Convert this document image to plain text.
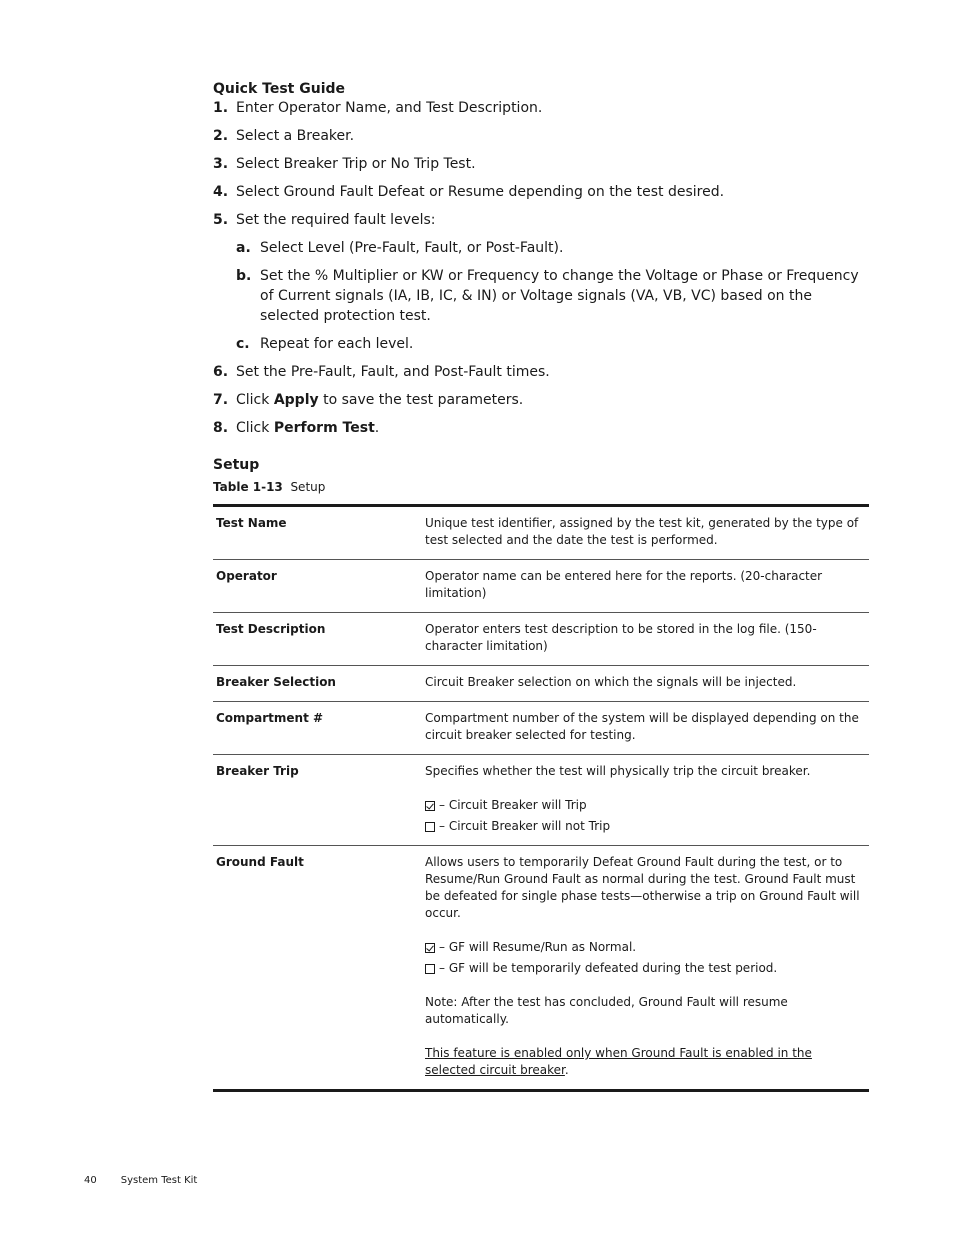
Quick Test Guide
1. Enter Operator Name, and Test Description.
2. Select a Breaker.
3. Select Breaker Trip or No Trip Test.
4. Select Ground Fault Defeat or Resume depending on the test desired.
5. Set the required fault levels:
a. Select Level (Pre-Fault, Fault, or Post-Fault).
b. Set the % Multiplier or KW or Frequency to change the Voltage or Phase or Frequency of Current signals (IA, IB, IC, & IN) or Voltage signals (VA, VB, VC) based on the selected protection test.
c. Repeat for each level.
6. Set the Pre-Fault, Fault, and Post-Fault times.
7. Click Apply to save the test parameters.
8. Click Perform Test.
Setup
Table 1-13 Setup
Test Name	Unique test identifier, assigned by the test kit, generated by the type of test selected and the date the test is performed.
Operator	Operator name can be entered here for the reports. (20-character limitation)
Test Description	Operator enters test description to be stored in the log file. (150-character limitation)
Breaker Selection	Circuit Breaker selection on which the signals will be injected.
Compartment #	Compartment number of the system will be displayed depending on the circuit breaker selected for testing.
Breaker Trip	Specifies whether the test will physically trip the circuit breaker.
– Circuit Breaker will Trip
– Circuit Breaker will not Trip

Ground Fault	Allows users to temporarily Defeat Ground Fault during the test, or to Resume/Run Ground Fault as normal during the test. Ground Fault must be defeated for single phase tests—otherwise a trip on Ground Fault will occur.
– GF will Resume/Run as Normal.
– GF will be temporarily defeated during the test period.
Note: After the test has concluded, Ground Fault will resume automatically.
This feature is enabled only when Ground Fault is enabled in the selected circuit breaker.
40 System Test Kit
